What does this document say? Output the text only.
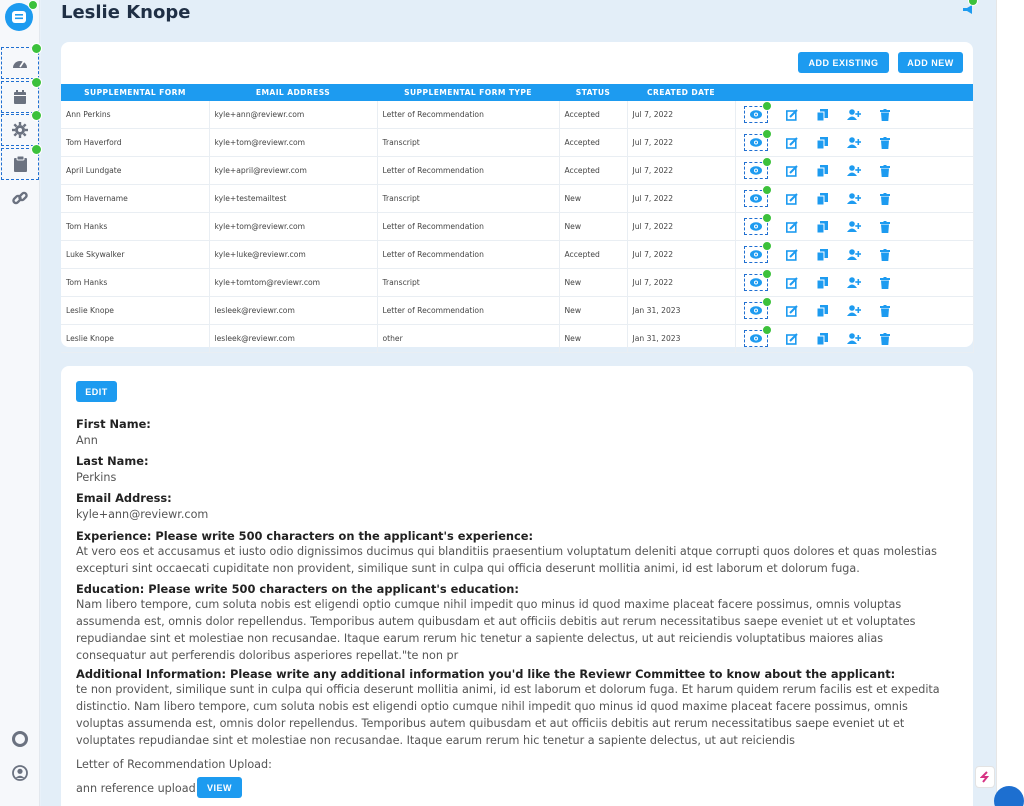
Leslie Knope
ADD EXISTING	ADD NEW
SUPPLEMENTAL FORM	EMAIL ADDRESS	SUPPLEMENTAL FORM TYPE	STATUS	CREATED DATE	
Ann Perkins	kyle+ann@reviewr.com	Letter of Recommendation	Accepted	Jul 7, 2022	

Tom Haverford	kyle+tom@reviewr.com	Transcript	Accepted	Jul 7, 2022	

April Lundgate	kyle+april@reviewr.com	Letter of Recommendation	Accepted	Jul 7, 2022	

Tom Havername	kyle+testemailtest	Transcript	New	Jul 7, 2022	

Tom Hanks	kyle+tom@reviewr.com	Letter of Recommendation	New	Jul 7, 2022	

Luke Skywalker	kyle+luke@reviewr.com	Letter of Recommendation	Accepted	Jul 7, 2022	

Tom Hanks	kyle+tomtom@reviewr.com	Transcript	New	Jul 7, 2022	

Leslie Knope	lesleek@reviewr.com	Letter of Recommendation	New	Jan 31, 2023	

Leslie Knope	lesleek@reviewr.com	other	New	Jan 31, 2023	
EDIT
First Name:
Ann
Last Name:
Perkins
Email Address:
kyle+ann@reviewr.com
Experience: Please write 500 characters on the applicant's experience:
At vero eos et accusamus et iusto odio dignissimos ducimus qui blanditiis praesentium voluptatum deleniti atque corrupti quos dolores et quas molestias excepturi sint occaecati cupiditate non provident, similique sunt in culpa qui officia deserunt mollitia animi, id est laborum et dolorum fuga.
Education: Please write 500 characters on the applicant's education:
Nam libero tempore, cum soluta nobis est eligendi optio cumque nihil impedit quo minus id quod maxime placeat facere possimus, omnis voluptas assumenda est, omnis dolor repellendus. Temporibus autem quibusdam et aut officiis debitis aut rerum necessitatibus saepe eveniet ut et voluptates repudiandae sint et molestiae non recusandae. Itaque earum rerum hic tenetur a sapiente delectus, ut aut reiciendis voluptatibus maiores alias consequatur aut perferendis doloribus asperiores repellat."te non pr
Additional Information: Please write any additional information you'd like the Reviewr Committee to know about the applicant:
te non provident, similique sunt in culpa qui officia deserunt mollitia animi, id est laborum et dolorum fuga. Et harum quidem rerum facilis est et expedita distinctio. Nam libero tempore, cum soluta nobis est eligendi optio cumque nihil impedit quo minus id quod maxime placeat facere possimus, omnis voluptas assumenda est, omnis dolor repellendus. Temporibus autem quibusdam et aut officiis debitis aut rerum necessitatibus saepe eveniet ut et voluptates repudiandae sint et molestiae non recusandae. Itaque earum rerum hic tenetur a sapiente delectus, ut aut reiciendis
Letter of Recommendation Upload:
ann reference upload	VIEW
